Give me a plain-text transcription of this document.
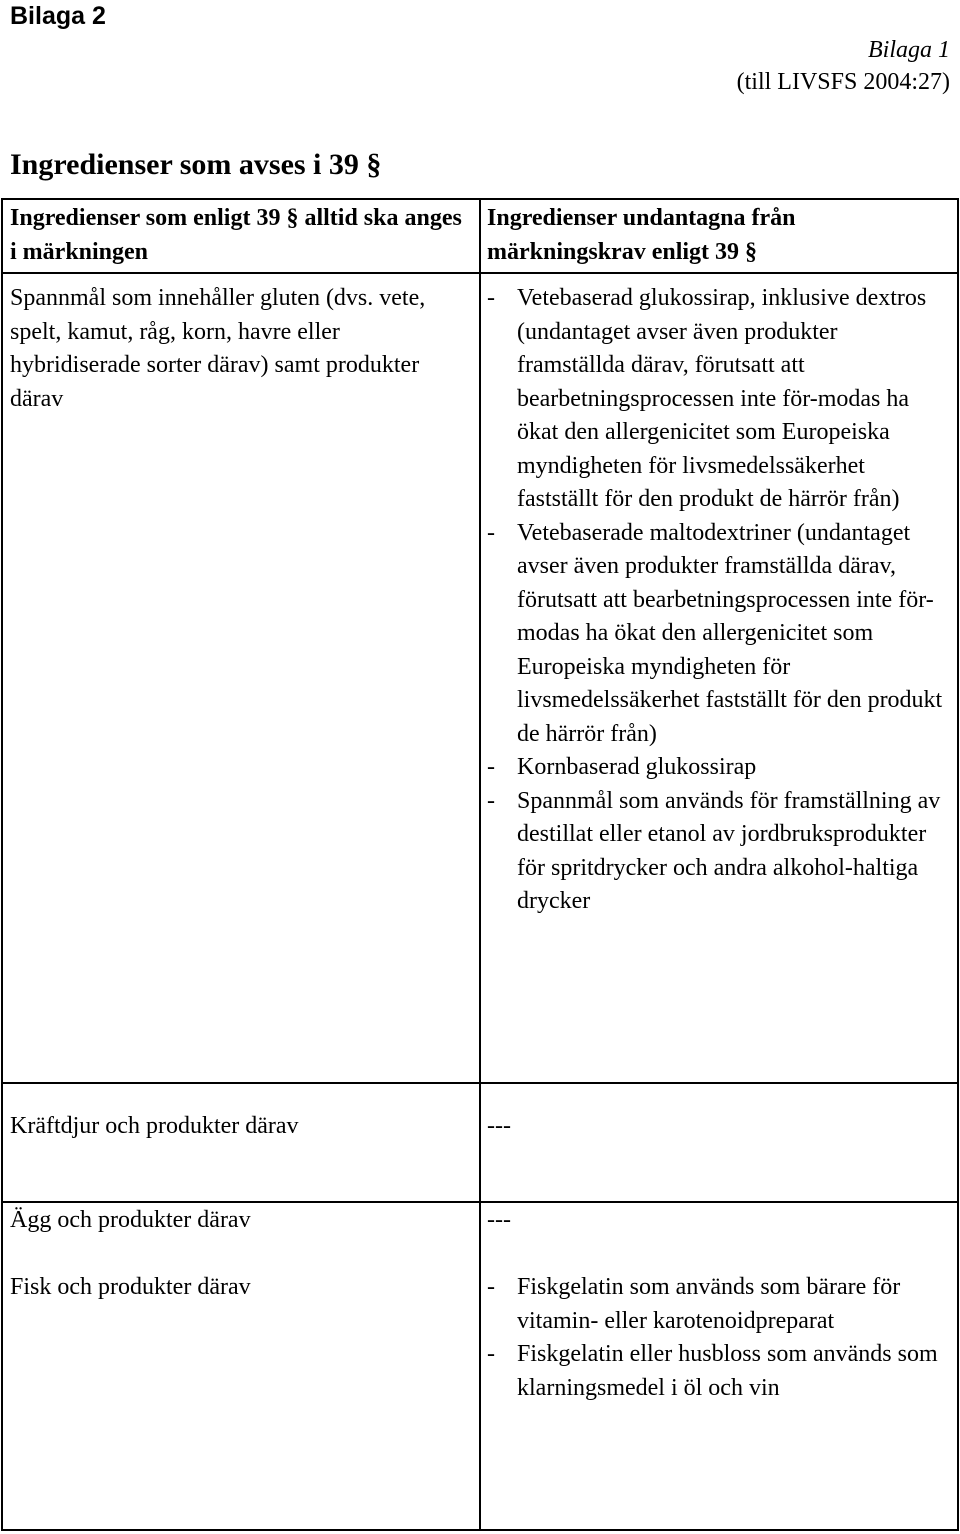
Bilaga 2
Bilaga 1
(till LIVSFS 2004:27)
Ingredienser som avses i 39 §
Ingredienser som enligt 39 § alltid ska anges i märkningen
Ingredienser undantagna från märkningskrav enligt 39 §
Spannmål som innehåller gluten (dvs. vete, spelt, kamut, råg, korn, havre eller hybridiserade sorter därav) samt produkter därav
- Vetebaserad glukossirap, inklusive dextros (undantaget avser även produkter framställda därav, förutsatt att bearbetningsprocessen inte för-modas ha ökat den allergenicitet som Europeiska myndigheten för livsmedelssäkerhet fastställt för den produkt de härrör från)
- Vetebaserade maltodextriner (undantaget avser även produkter framställda därav, förutsatt att bearbetningsprocessen inte för-modas ha ökat den allergenicitet som Europeiska myndigheten för livsmedelssäkerhet fastställt för den produkt de härrör från)
- Kornbaserad glukossirap
- Spannmål som används för framställning av destillat eller etanol av jordbruksprodukter för spritdrycker och andra alkohol-haltiga drycker
Kräftdjur och produkter därav	---
Ägg och produkter därav	---
Fisk och produkter därav
-	Fiskgelatin som används som bärare för vitamin- eller karotenoidpreparat
- Fiskgelatin eller husbloss som används som klarningsmedel i öl och vin
